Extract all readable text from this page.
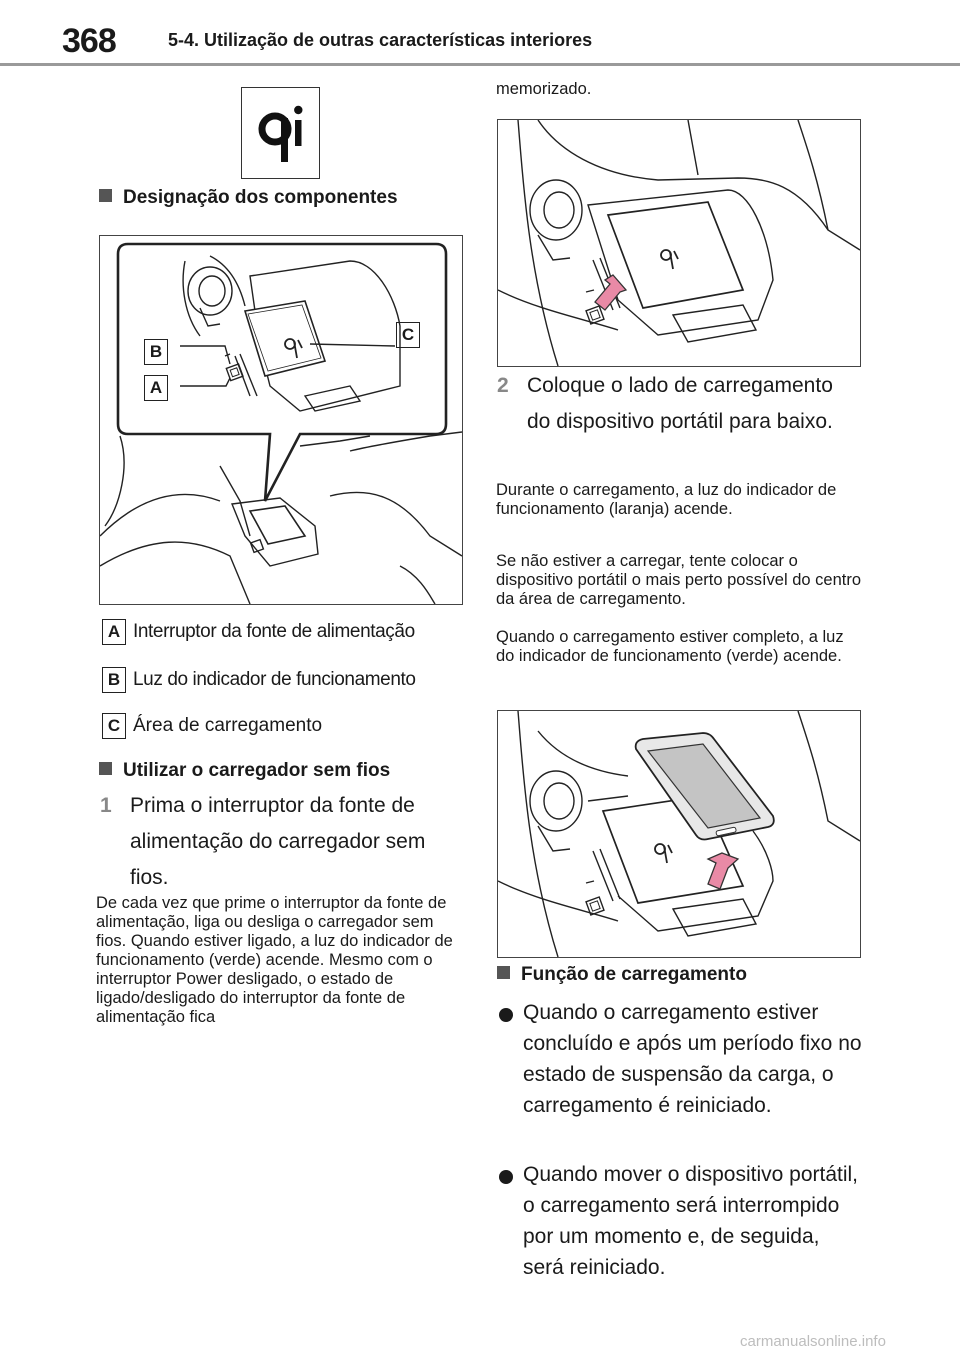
368	5-4. Utilização de outras características interiores
Designação dos componentes
B
A
C
A Interruptor da fonte de alimentação
B Luz do indicador de funcionamento
C Área de carregamento
Utilizar o carregador sem fios
1 Prima o interruptor da fonte de alimentação do carregador sem fios.
De cada vez que prime o interruptor da fonte de alimentação, liga ou desliga o carregador sem fios. Quando estiver ligado, a luz do indicador de funcionamento (verde) acende. Mesmo com o interruptor Power desligado, o estado de ligado/desligado do interruptor da fonte de alimentação fica
memorizado.
2 Coloque o lado de carregamento do dispositivo portátil para baixo.
Durante o carregamento, a luz do indicador de funcionamento (laranja) acende.
Se não estiver a carregar, tente colocar o dispositivo portátil o mais perto possível do centro da área de carregamento.
Quando o carregamento estiver completo, a luz do indicador de funcionamento (verde) acende.
Função de carregamento
Quando o carregamento estiver concluído e após um período fixo no estado de suspensão da carga, o carregamento é reiniciado.
Quando mover o dispositivo portátil, o carregamento será interrompido por um momento e, de seguida, será reiniciado.
carmanualsonline.info
